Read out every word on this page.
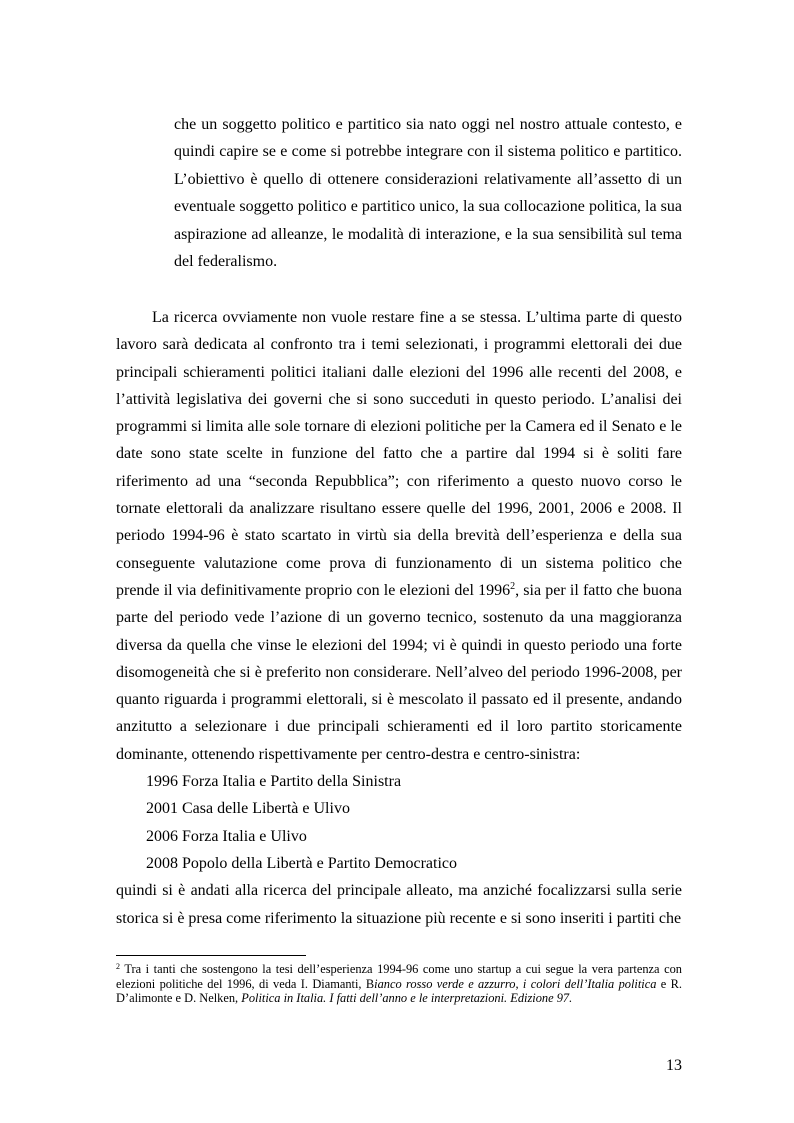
che un soggetto politico e partitico sia nato oggi nel nostro attuale contesto, e quindi capire se e come si potrebbe integrare con il sistema politico e partitico. L’obiettivo è quello di ottenere considerazioni relativamente all’assetto di un eventuale soggetto politico e partitico unico, la sua collocazione politica, la sua aspirazione ad alleanze, le modalità di interazione, e la sua sensibilità sul tema del federalismo.

La ricerca ovviamente non vuole restare fine a se stessa. L’ultima parte di questo lavoro sarà dedicata al confronto tra i temi selezionati, i programmi elettorali dei due principali schieramenti politici italiani dalle elezioni del 1996 alle recenti del 2008, e l’attività legislativa dei governi che si sono succeduti in questo periodo. L’analisi dei programmi si limita alle sole tornare di elezioni politiche per la Camera ed il Senato e le date sono state scelte in funzione del fatto che a partire dal 1994 si è soliti fare riferimento ad una “seconda Repubblica”; con riferimento a questo nuovo corso le tornate elettorali da analizzare risultano essere quelle del 1996, 2001, 2006 e 2008. Il periodo 1994-96 è stato scartato in virtù sia della brevità dell’esperienza e della sua conseguente valutazione come prova di funzionamento di un sistema politico che prende il via definitivamente proprio con le elezioni del 1996$^2$, sia per il fatto che buona parte del periodo vede l’azione di un governo tecnico, sostenuto da una maggioranza diversa da quella che vinse le elezioni del 1994; vi è quindi in questo periodo una forte disomogeneità che si è preferito non considerare. Nell’alveo del periodo 1996-2008, per quanto riguarda i programmi elettorali, si è mescolato il passato ed il presente, andando anzitutto a selezionare i due principali schieramenti ed il loro partito storicamente dominante, ottenendo rispettivamente per centro-destra e centro-sinistra:

1996 Forza Italia e Partito della Sinistra
2001 Casa delle Libertà e Ulivo
2006 Forza Italia e Ulivo
2008 Popolo della Libertà e Partito Democratico

quindi si è andati alla ricerca del principale alleato, ma anziché focalizzarsi sulla serie storica si è presa come riferimento la situazione più recente e si sono inseriti i partiti che

$^2$ Tra i tanti che sostengono la tesi dell’esperienza 1994-96 come uno startup a cui segue la vera partenza con elezioni politiche del 1996, di veda I. Diamanti, Bianco rosso verde e azzurro, i colori dell’Italia politica e R. D’alimonte e D. Nelken, Politica in Italia. I fatti dell’anno e le interpretazioni. Edizione 97.
13
